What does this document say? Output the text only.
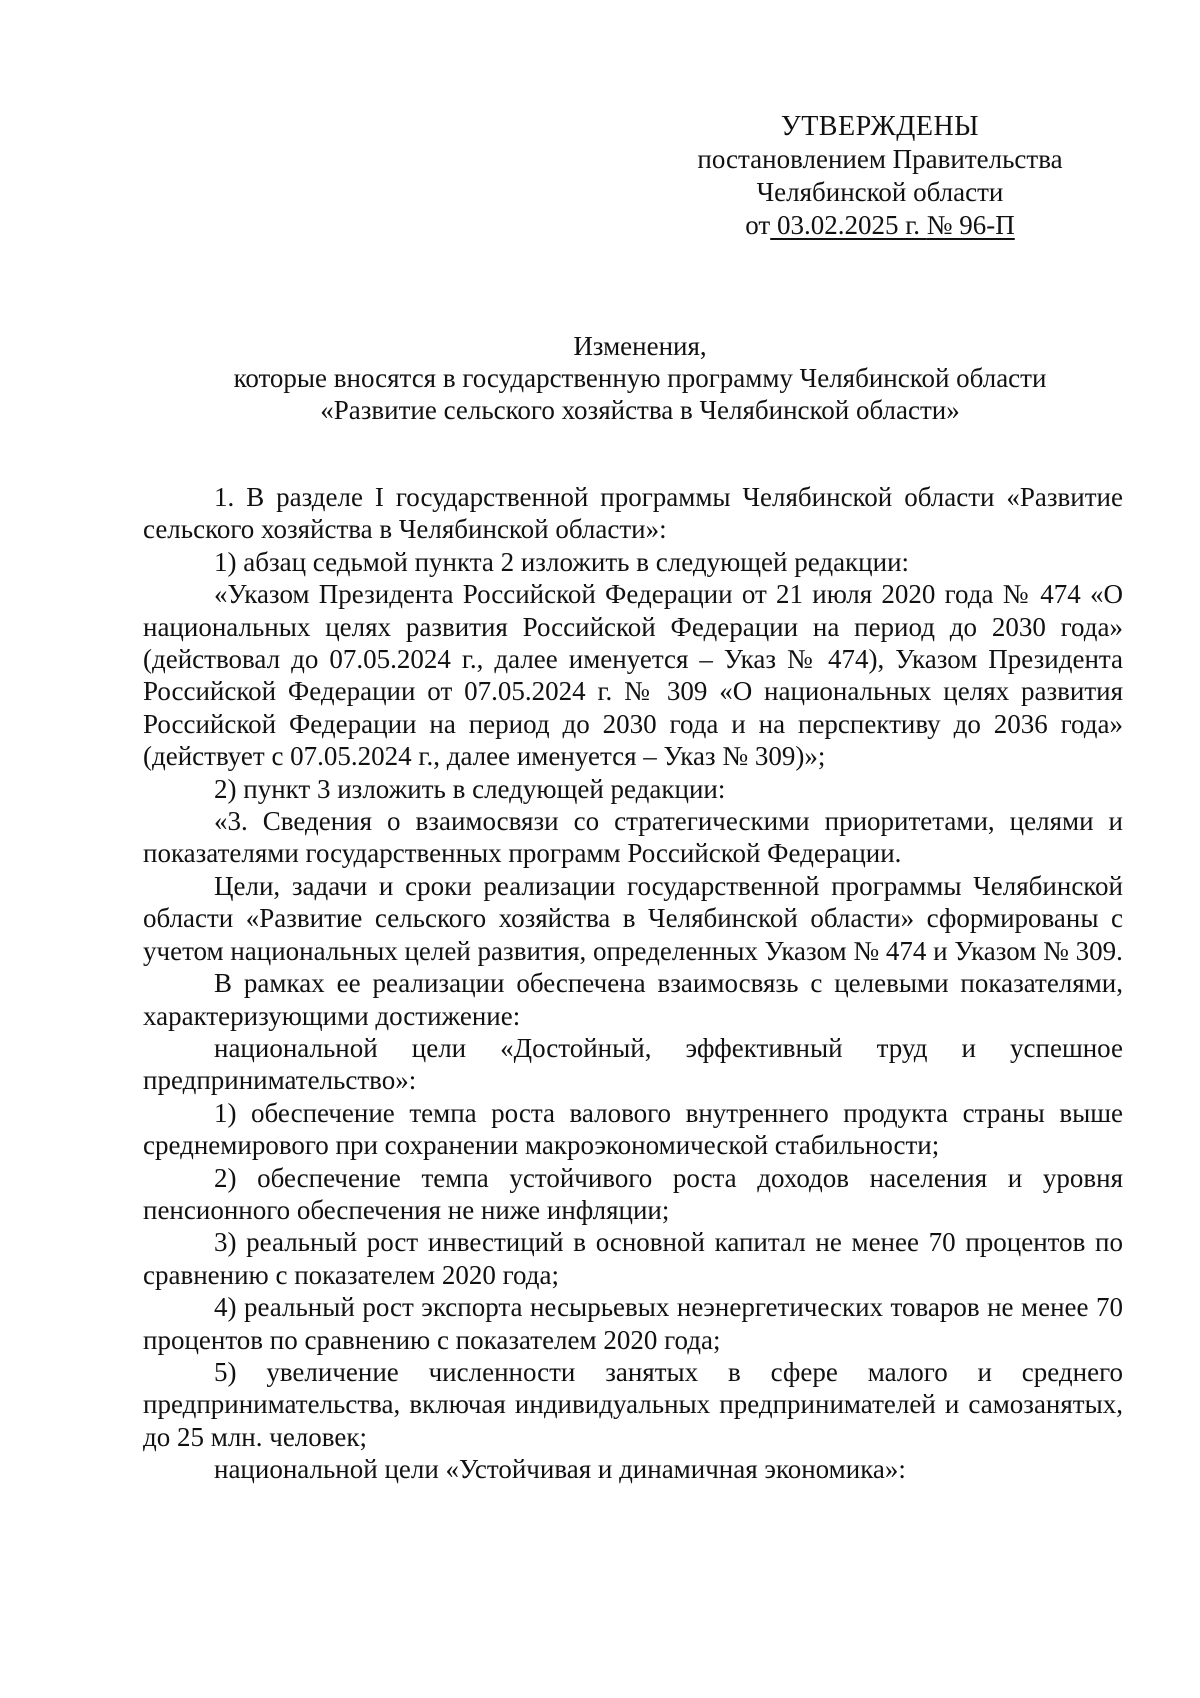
УТВЕРЖДЕНЫ
постановлением Правительства
Челябинской области
от 03.02.2025 г. № 96-П
Изменения,
которые вносятся в государственную программу Челябинской области
«Развитие сельского хозяйства в Челябинской области»

1. В разделе I государственной программы Челябинской области «Развитие сельского хозяйства в Челябинской области»:

1) абзац седьмой пункта 2 изложить в следующей редакции:

«Указом Президента Российской Федерации от 21 июля 2020 года № 474 «О национальных целях развития Российской Федерации на период до 2030 года» (действовал до 07.05.2024 г., далее именуется – Указ № 474), Указом Президента Российской Федерации от 07.05.2024 г. № 309 «О национальных целях развития Российской Федерации на период до 2030 года и на перспективу до 2036 года» (действует с 07.05.2024 г., далее именуется – Указ № 309)»;

2) пункт 3 изложить в следующей редакции:

«3. Сведения о взаимосвязи со стратегическими приоритетами, целями и показателями государственных программ Российской Федерации.

Цели, задачи и сроки реализации государственной программы Челябинской области «Развитие сельского хозяйства в Челябинской области» сформированы с учетом национальных целей развития, определенных Указом № 474 и Указом № 309.

В рамках ее реализации обеспечена взаимосвязь с целевыми показателями, характеризующими достижение:

национальной цели «Достойный, эффективный труд и успешное предпринимательство»:

1) обеспечение темпа роста валового внутреннего продукта страны выше среднемирового при сохранении макроэкономической стабильности;

2) обеспечение темпа устойчивого роста доходов населения и уровня пенсионного обеспечения не ниже инфляции;

3) реальный рост инвестиций в основной капитал не менее 70 процентов по сравнению с показателем 2020 года;

4) реальный рост экспорта несырьевых неэнергетических товаров не менее 70 процентов по сравнению с показателем 2020 года;

5) увеличение численности занятых в сфере малого и среднего предпринимательства, включая индивидуальных предпринимателей и самозанятых, до 25 млн. человек;

национальной цели «Устойчивая и динамичная экономика»:
